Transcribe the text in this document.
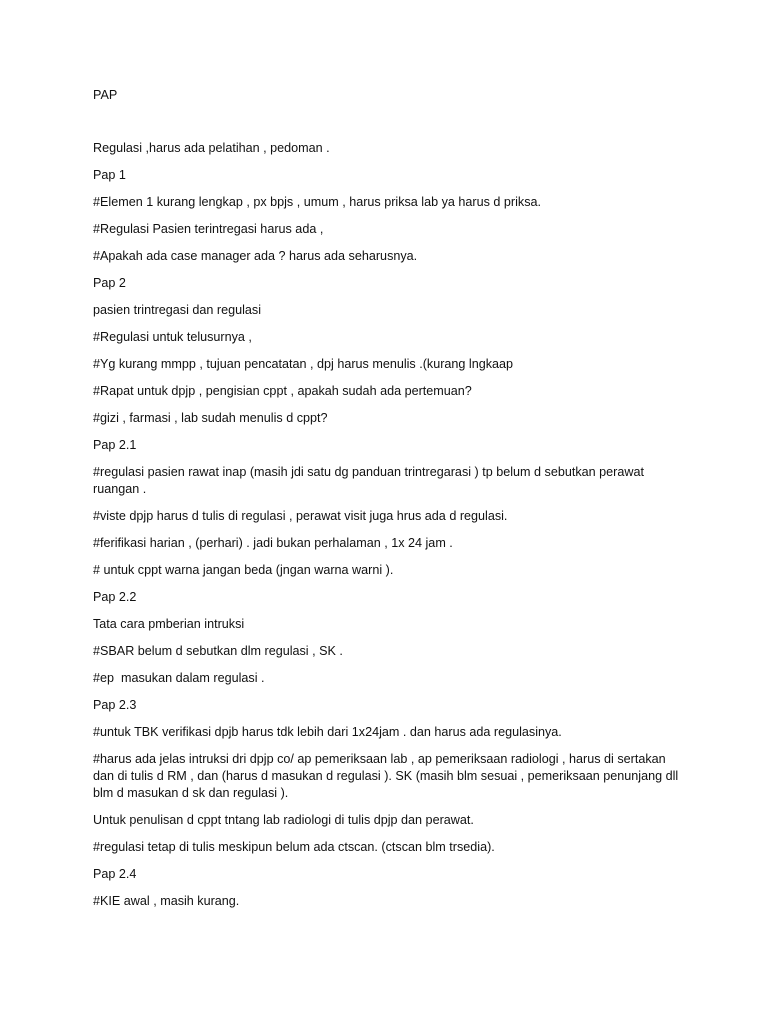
PAP

Regulasi ,harus ada pelatihan , pedoman .

Pap 1

#Elemen 1 kurang lengkap , px bpjs , umum , harus priksa lab ya harus d priksa.

#Regulasi Pasien terintregasi harus ada ,

#Apakah ada case manager ada ? harus ada seharusnya.

Pap 2

pasien trintregasi dan regulasi

#Regulasi untuk telusurnya ,

#Yg kurang mmpp , tujuan pencatatan , dpj harus menulis .(kurang lngkaap

#Rapat untuk dpjp , pengisian cppt , apakah sudah ada pertemuan?

#gizi , farmasi , lab sudah menulis d cppt?

Pap 2.1

#regulasi pasien rawat inap (masih jdi satu dg panduan trintregarasi ) tp belum d sebutkan perawat ruangan .

#viste dpjp harus d tulis di regulasi , perawat visit juga hrus ada d regulasi.

#ferifikasi harian , (perhari) . jadi bukan perhalaman , 1x 24 jam .

# untuk cppt warna jangan beda (jngan warna warni ).

Pap 2.2

Tata cara pmberian intruksi

#SBAR belum d sebutkan dlm regulasi , SK .

#ep  masukan dalam regulasi .

Pap 2.3

#untuk TBK verifikasi dpjb harus tdk lebih dari 1x24jam . dan harus ada regulasinya.

#harus ada jelas intruksi dri dpjp co/ ap pemeriksaan lab , ap pemeriksaan radiologi , harus di sertakan dan di tulis d RM , dan (harus d masukan d regulasi ). SK (masih blm sesuai , pemeriksaan penunjang dll blm d masukan d sk dan regulasi ).

Untuk penulisan d cppt tntang lab radiologi di tulis dpjp dan perawat.

#regulasi tetap di tulis meskipun belum ada ctscan. (ctscan blm trsedia).

Pap 2.4

#KIE awal , masih kurang.
